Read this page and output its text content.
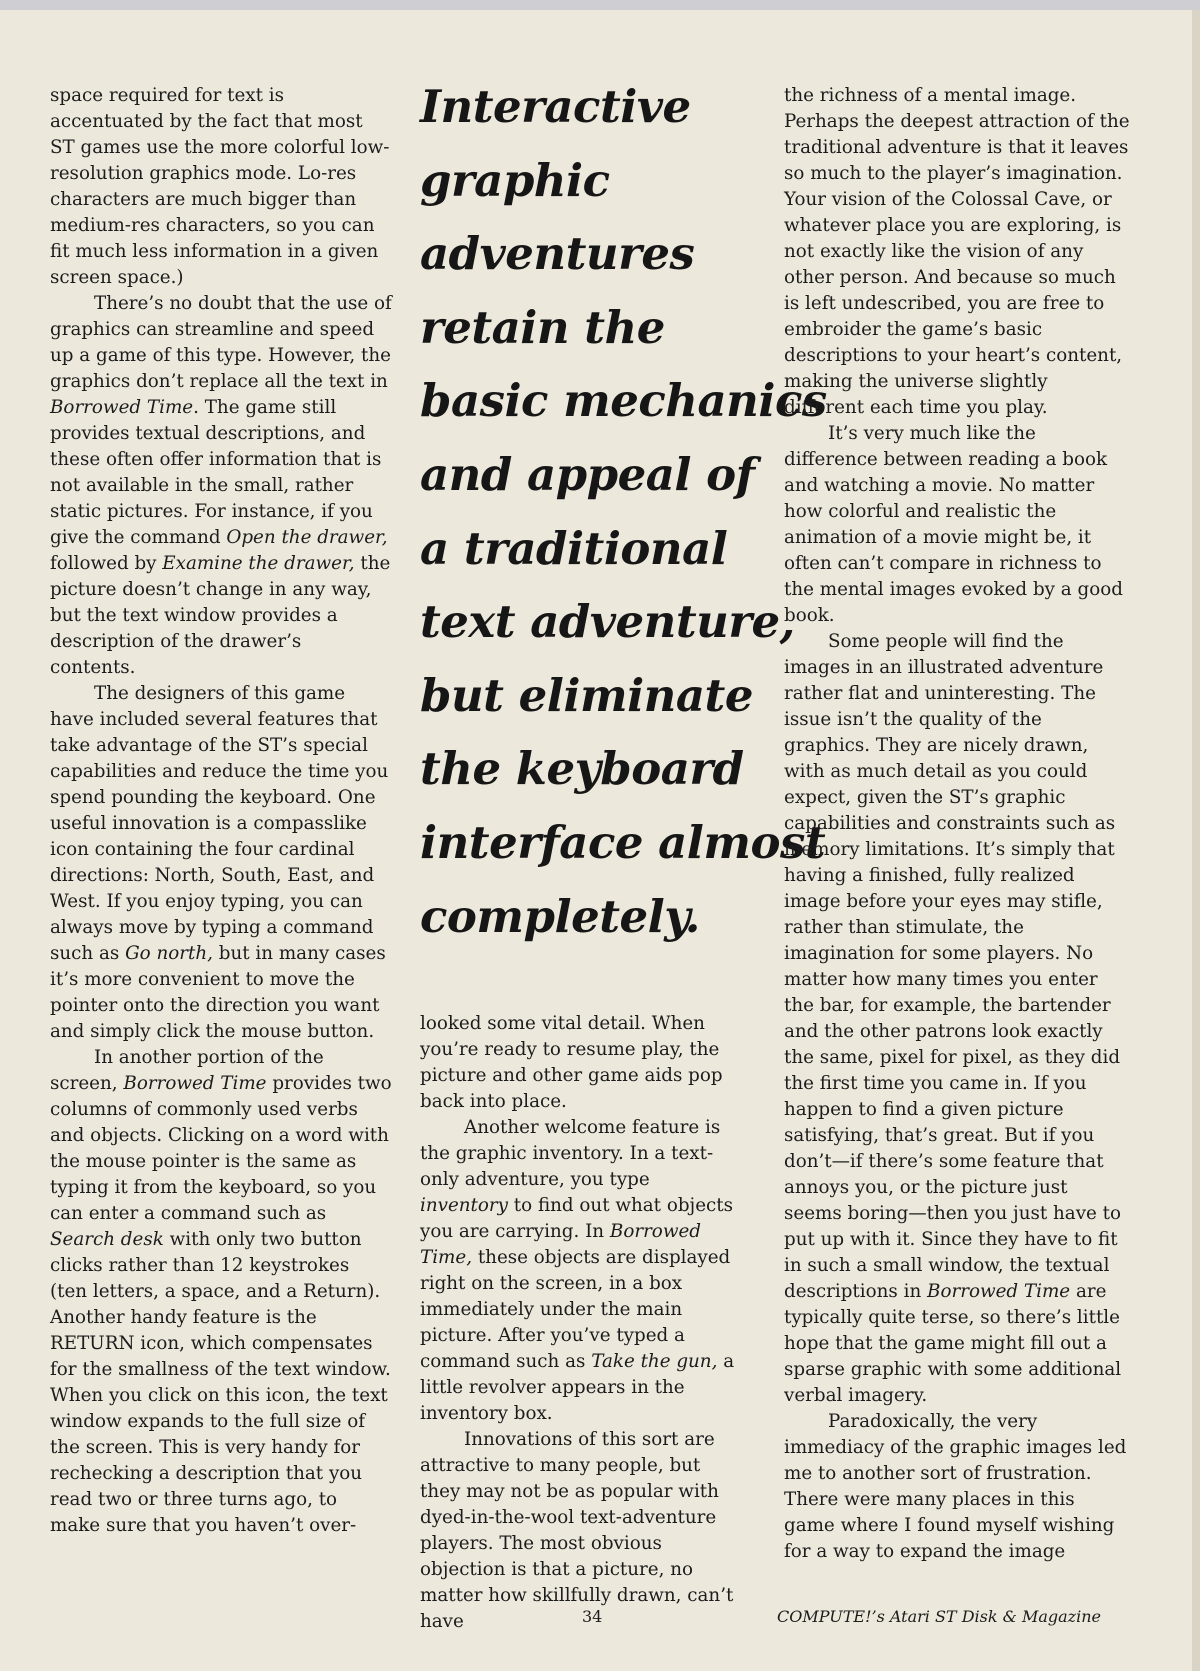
space required for text is accentuated by the fact that most ST games use the more colorful low-resolution graphics mode. Lo-res characters are much bigger than medium-res characters, so you can fit much less information in a given screen space.)

There’s no doubt that the use of graphics can streamline and speed up a game of this type. However, the graphics don’t replace all the text in Borrowed Time. The game still provides textual descriptions, and these often offer information that is not available in the small, rather static pictures. For instance, if you give the command Open the drawer, followed by Examine the drawer, the picture doesn’t change in any way, but the text window provides a description of the drawer’s contents.

The designers of this game have included several features that take advantage of the ST’s special capabilities and reduce the time you spend pounding the keyboard. One useful innovation is a compasslike icon containing the four cardinal directions: North, South, East, and West. If you enjoy typing, you can always move by typing a command such as Go north, but in many cases it’s more convenient to move the pointer onto the direction you want and simply click the mouse button.

In another portion of the screen, Borrowed Time provides two columns of commonly used verbs and objects. Clicking on a word with the mouse pointer is the same as typing it from the keyboard, so you can enter a command such as Search desk with only two button clicks rather than 12 keystrokes (ten letters, a space, and a Return). Another handy feature is the RETURN icon, which compensates for the smallness of the text window. When you click on this icon, the text window expands to the full size of the screen. This is very handy for rechecking a description that you read two or three turns ago, to make sure that you haven’t over-

Interactive
graphic
adventures
retain the
basic mechanics
and appeal of
a traditional
text adventure,
but eliminate
the keyboard
interface almost
completely.

looked some vital detail. When you’re ready to resume play, the picture and other game aids pop back into place.

Another welcome feature is the graphic inventory. In a text-only adventure, you type inventory to find out what objects you are carrying. In Borrowed Time, these objects are displayed right on the screen, in a box immediately under the main picture. After you’ve typed a command such as Take the gun, a little revolver appears in the inventory box.

Innovations of this sort are attractive to many people, but they may not be as popular with dyed-in-the-wool text-adventure players. The most obvious objection is that a picture, no matter how skillfully drawn, can’t have

the richness of a mental image. Perhaps the deepest attraction of the traditional adventure is that it leaves so much to the player’s imagination. Your vision of the Colossal Cave, or whatever place you are exploring, is not exactly like the vision of any other person. And because so much is left undescribed, you are free to embroider the game’s basic descriptions to your heart’s content, making the universe slightly different each time you play.

It’s very much like the difference between reading a book and watching a movie. No matter how colorful and realistic the animation of a movie might be, it often can’t compare in richness to the mental images evoked by a good book.

Some people will find the images in an illustrated adventure rather flat and uninteresting. The issue isn’t the quality of the graphics. They are nicely drawn, with as much detail as you could expect, given the ST’s graphic capabilities and constraints such as memory limitations. It’s simply that having a finished, fully realized image before your eyes may stifle, rather than stimulate, the imagination for some players. No matter how many times you enter the bar, for example, the bartender and the other patrons look exactly the same, pixel for pixel, as they did the first time you came in. If you happen to find a given picture satisfying, that’s great. But if you don’t—if there’s some feature that annoys you, or the picture just seems boring—then you just have to put up with it. Since they have to fit in such a small window, the textual descriptions in Borrowed Time are typically quite terse, so there’s little hope that the game might fill out a sparse graphic with some additional verbal imagery.

Paradoxically, the very immediacy of the graphic images led me to another sort of frustration. There were many places in this game where I found myself wishing for a way to expand the image

34	COMPUTE!’s Atari ST Disk & Magazine
